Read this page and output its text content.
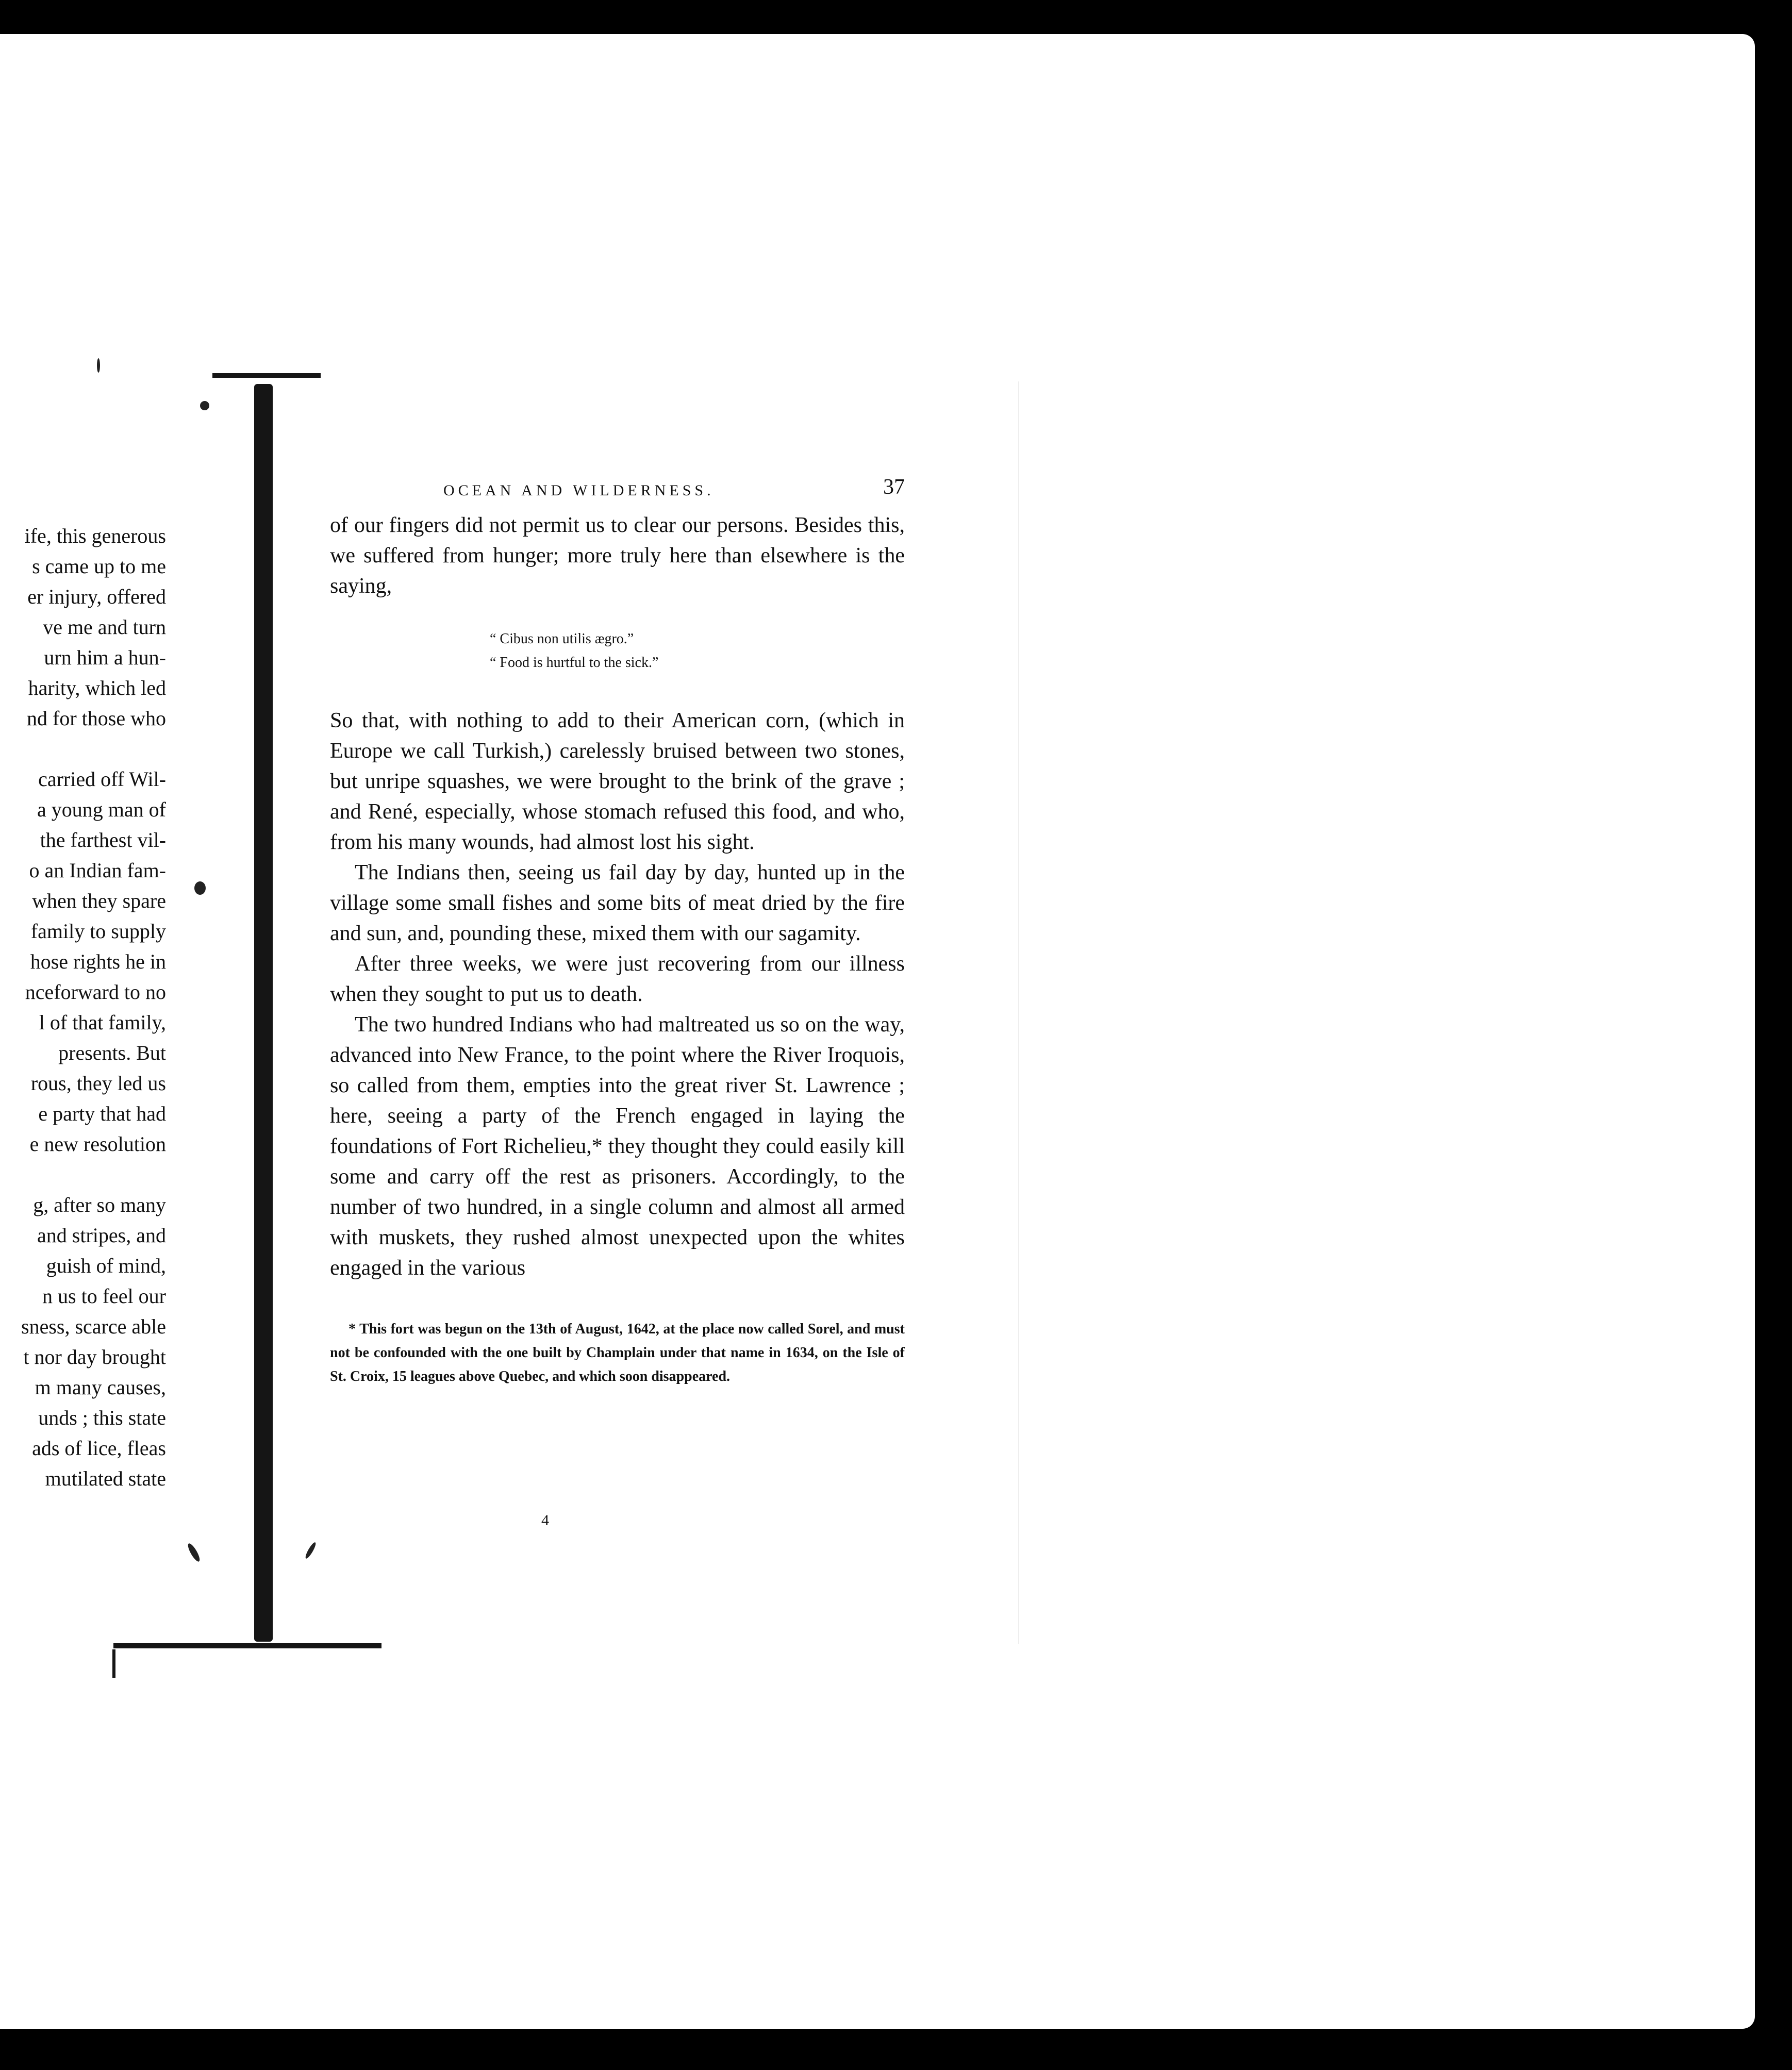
ife, this generous
s came up to me
er injury, offered
ve me and turn
urn him a hun-
harity, which led
nd for those who
carried off Wil-
a young man of
the farthest vil-
o an Indian fam-
when they spare
family to supply
hose rights he in
nceforward to no
l of that family,
presents. But
rous, they led us
e party that had
e new resolution
g, after so many
and stripes, and
guish of mind,
n us to feel our
sness, scarce able
t nor day brought
m many causes,
unds ; this state
ads of lice, fleas
mutilated state
OCEAN AND WILDERNESS.	37

of our fingers did not permit us to clear our persons. Besides this, we suffered from hunger; more truly here than elsewhere is the saying,

“ Cibus non utilis ægro.”
“ Food is hurtful to the sick.”

So that, with nothing to add to their American corn, (which in Europe we call Turkish,) carelessly bruised between two stones, but unripe squashes, we were brought to the brink of the grave ; and René, especially, whose stomach refused this food, and who, from his many wounds, had almost lost his sight.

The Indians then, seeing us fail day by day, hunted up in the village some small fishes and some bits of meat dried by the fire and sun, and, pounding these, mixed them with our sagamity.

After three weeks, we were just recovering from our illness when they sought to put us to death.

The two hundred Indians who had maltreated us so on the way, advanced into New France, to the point where the River Iroquois, so called from them, empties into the great river St. Lawrence ; here, seeing a party of the French engaged in laying the foundations of Fort Richelieu,* they thought they could easily kill some and carry off the rest as prisoners. Accordingly, to the number of two hundred, in a single column and almost all armed with muskets, they rushed almost unexpected upon the whites engaged in the various

* This fort was begun on the 13th of August, 1642, at the place now called Sorel, and must not be confounded with the one built by Champlain under that name in 1634, on the Isle of St. Croix, 15 leagues above Quebec, and which soon disappeared.
4
